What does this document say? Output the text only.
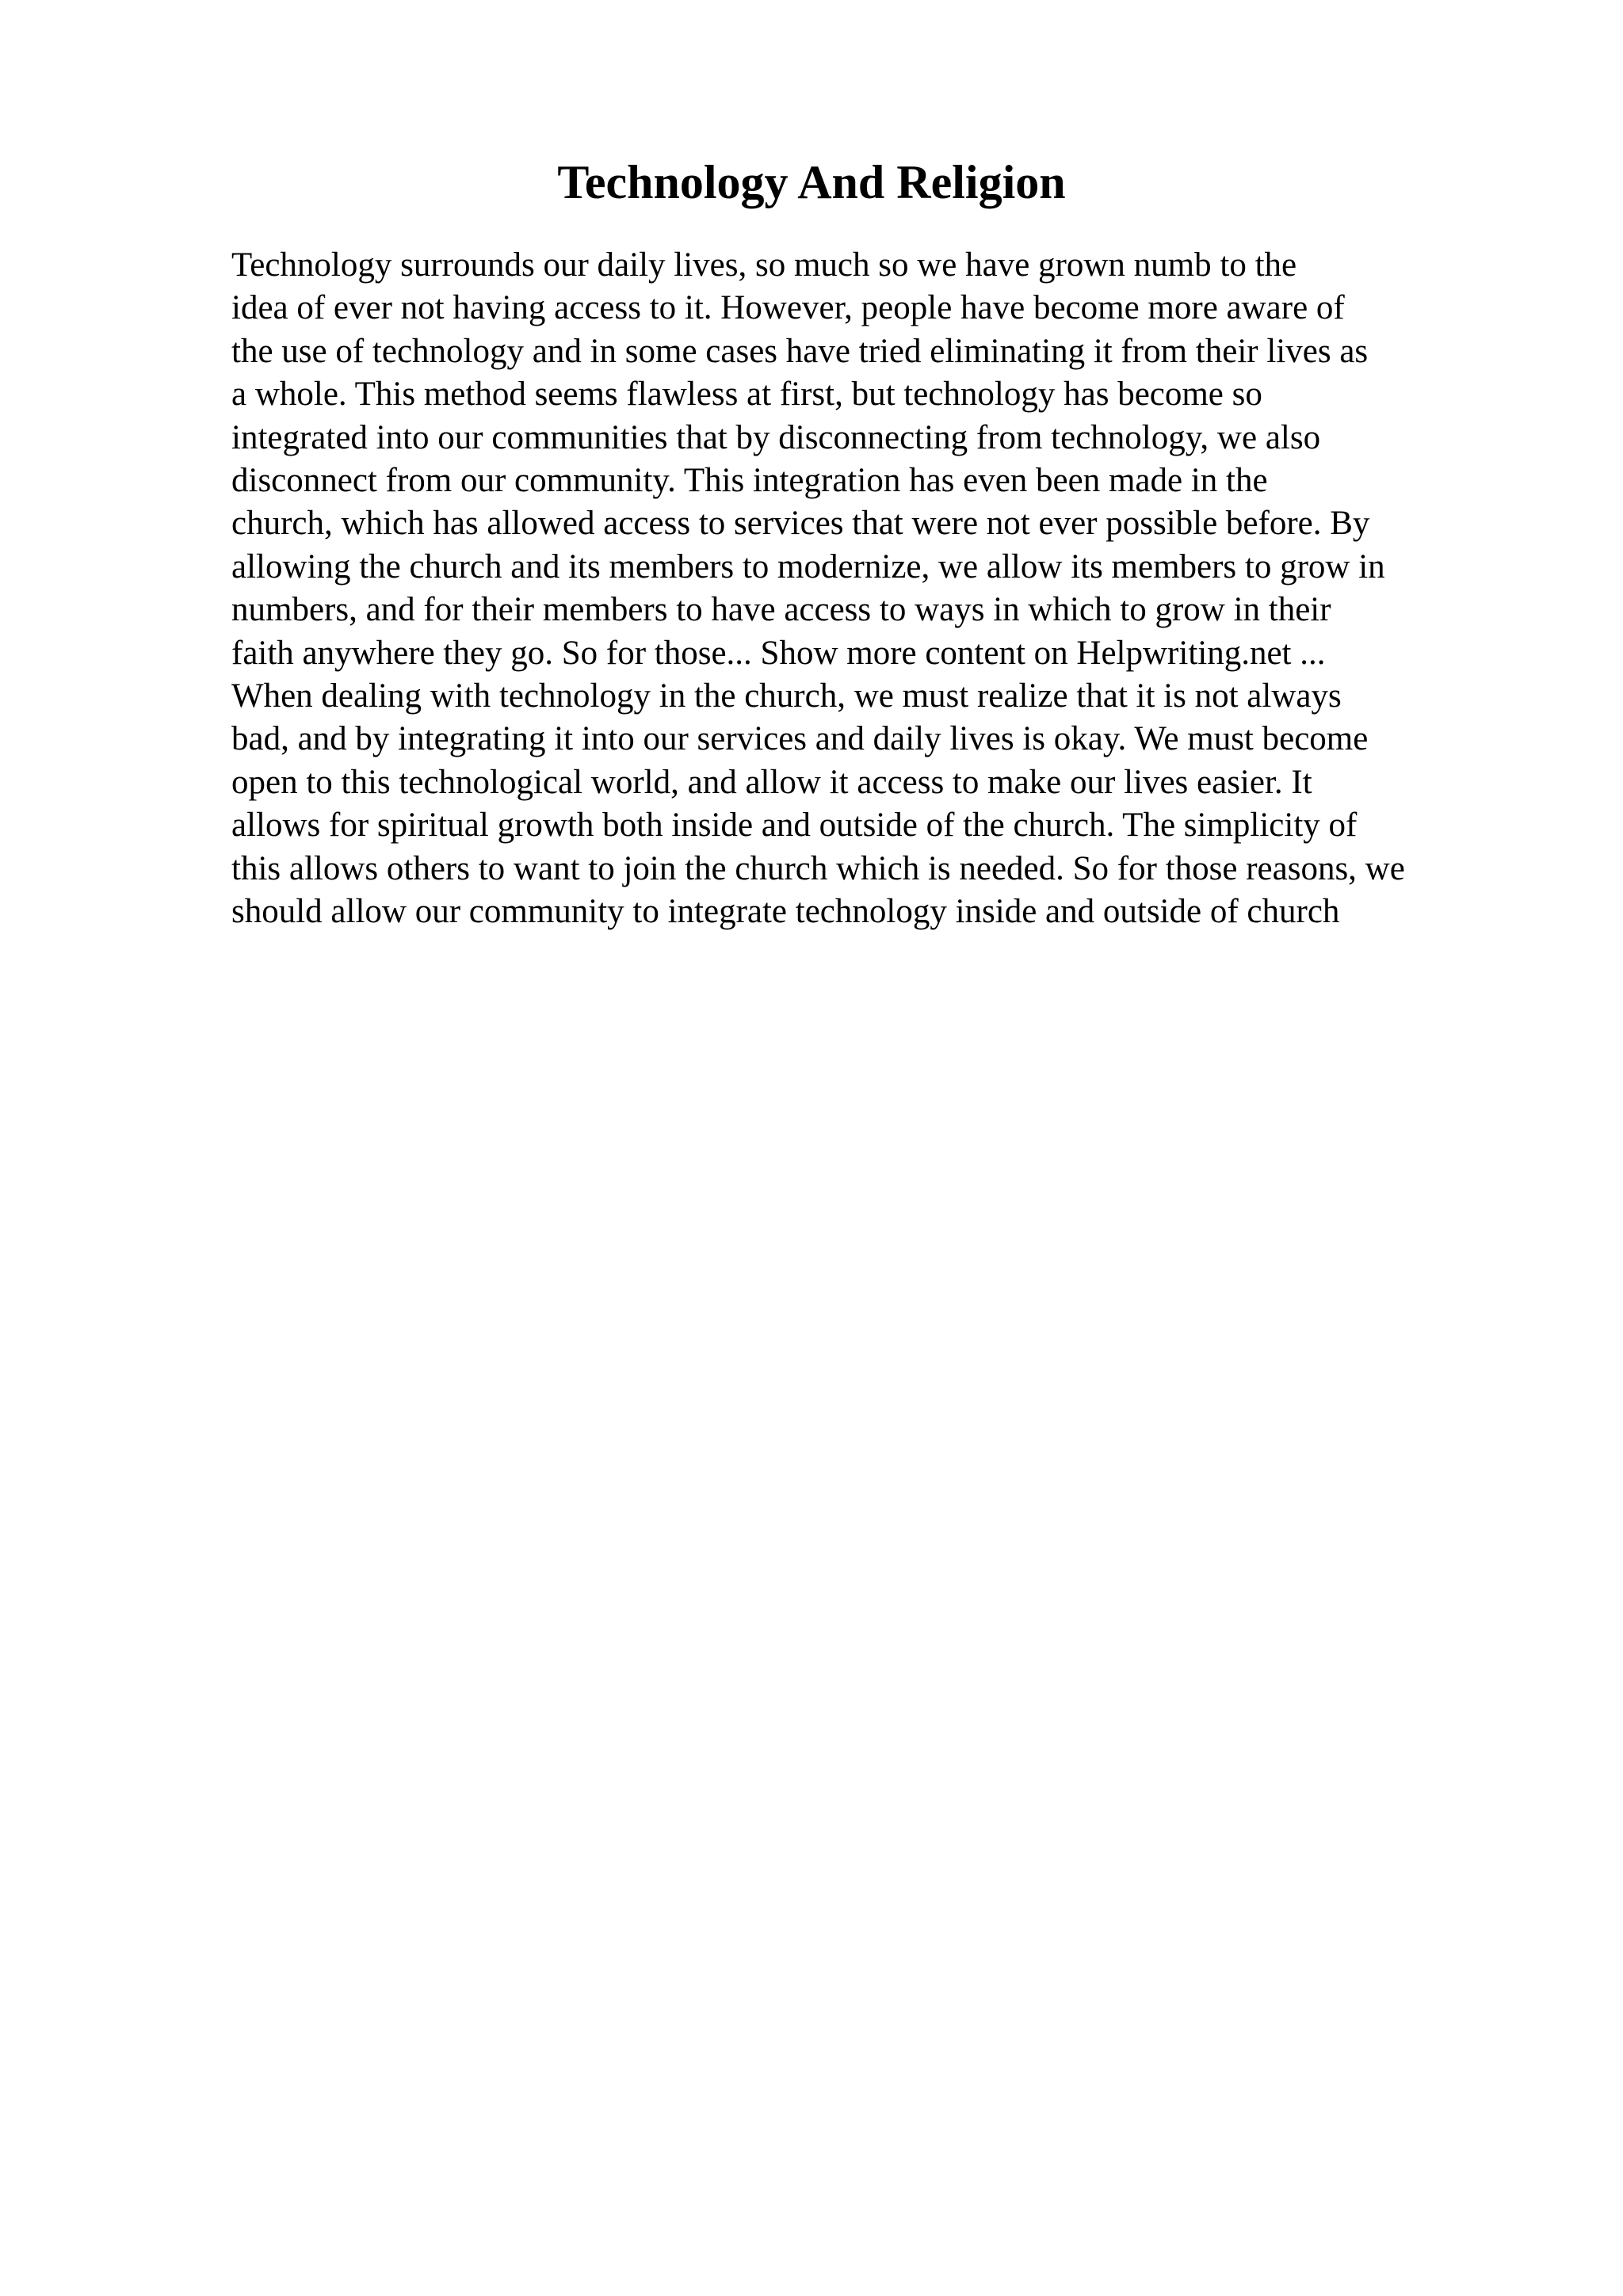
Technology And Religion
Technology surrounds our daily lives, so much so we have grown numb to the
idea of ever not having access to it. However, people have become more aware of
the use of technology and in some cases have tried eliminating it from their lives as
a whole. This method seems flawless at first, but technology has become so
integrated into our communities that by disconnecting from technology, we also
disconnect from our community. This integration has even been made in the
church, which has allowed access to services that were not ever possible before. By
allowing the church and its members to modernize, we allow its members to grow in
numbers, and for their members to have access to ways in which to grow in their
faith anywhere they go. So for those... Show more content on Helpwriting.net ...
When dealing with technology in the church, we must realize that it is not always
bad, and by integrating it into our services and daily lives is okay. We must become
open to this technological world, and allow it access to make our lives easier. It
allows for spiritual growth both inside and outside of the church. The simplicity of
this allows others to want to join the church which is needed. So for those reasons, we
should allow our community to integrate technology inside and outside of church
